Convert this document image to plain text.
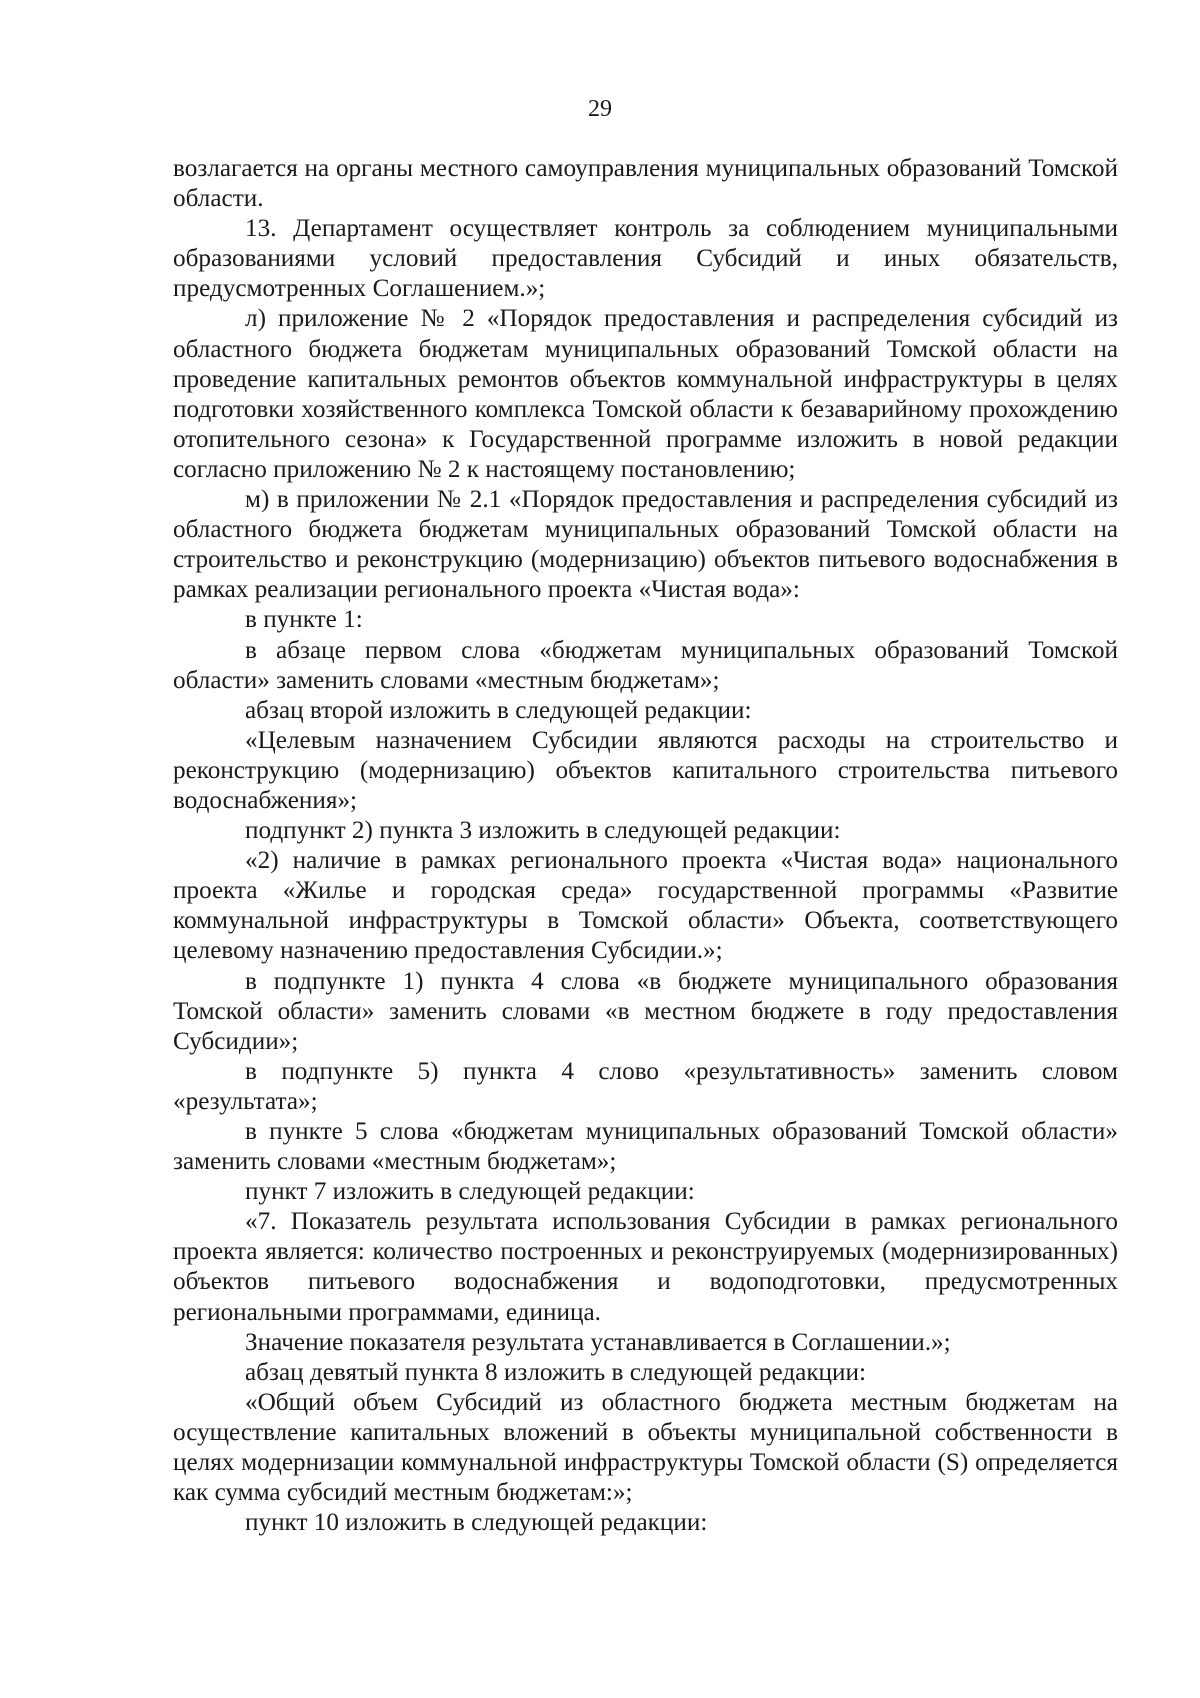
29

возлагается на органы местного самоуправления муниципальных образований Томской области.

13. Департамент осуществляет контроль за соблюдением муниципальными образованиями условий предоставления Субсидий и иных обязательств, предусмотренных Соглашением.»;

л) приложение № 2 «Порядок предоставления и распределения субсидий из областного бюджета бюджетам муниципальных образований Томской области на проведение капитальных ремонтов объектов коммунальной инфраструктуры в целях подготовки хозяйственного комплекса Томской области к безаварийному прохождению отопительного сезона» к Государственной программе изложить в новой редакции согласно приложению № 2 к настоящему постановлению;

м) в приложении № 2.1 «Порядок предоставления и распределения субсидий из областного бюджета бюджетам муниципальных образований Томской области на строительство и реконструкцию (модернизацию) объектов питьевого водоснабжения в рамках реализации регионального проекта «Чистая вода»:

в пункте 1:

в абзаце первом слова «бюджетам муниципальных образований Томской области» заменить словами «местным бюджетам»;

абзац второй изложить в следующей редакции:

«Целевым назначением Субсидии являются расходы на строительство и реконструкцию (модернизацию) объектов капитального строительства питьевого водоснабжения»;

подпункт 2) пункта 3 изложить в следующей редакции:

«2) наличие в рамках регионального проекта «Чистая вода» национального проекта «Жилье и городская среда» государственной программы «Развитие коммунальной инфраструктуры в Томской области» Объекта, соответствующего целевому назначению предоставления Субсидии.»;

в подпункте 1) пункта 4 слова «в бюджете муниципального образования Томской области» заменить словами «в местном бюджете в году предоставления Субсидии»;

в подпункте 5) пункта 4 слово «результативность» заменить словом «результата»;

в пункте 5 слова «бюджетам муниципальных образований Томской области» заменить словами «местным бюджетам»;

пункт 7 изложить в следующей редакции:

«7. Показатель результата использования Субсидии в рамках регионального проекта является: количество построенных и реконструируемых (модернизированных) объектов питьевого водоснабжения и водоподготовки, предусмотренных региональными программами, единица.

Значение показателя результата устанавливается в Соглашении.»;

абзац девятый пункта 8 изложить в следующей редакции:

«Общий объем Субсидий из областного бюджета местным бюджетам на осуществление капитальных вложений в объекты муниципальной собственности в целях модернизации коммунальной инфраструктуры Томской области (S) определяется как сумма субсидий местным бюджетам:»;

пункт 10 изложить в следующей редакции:
